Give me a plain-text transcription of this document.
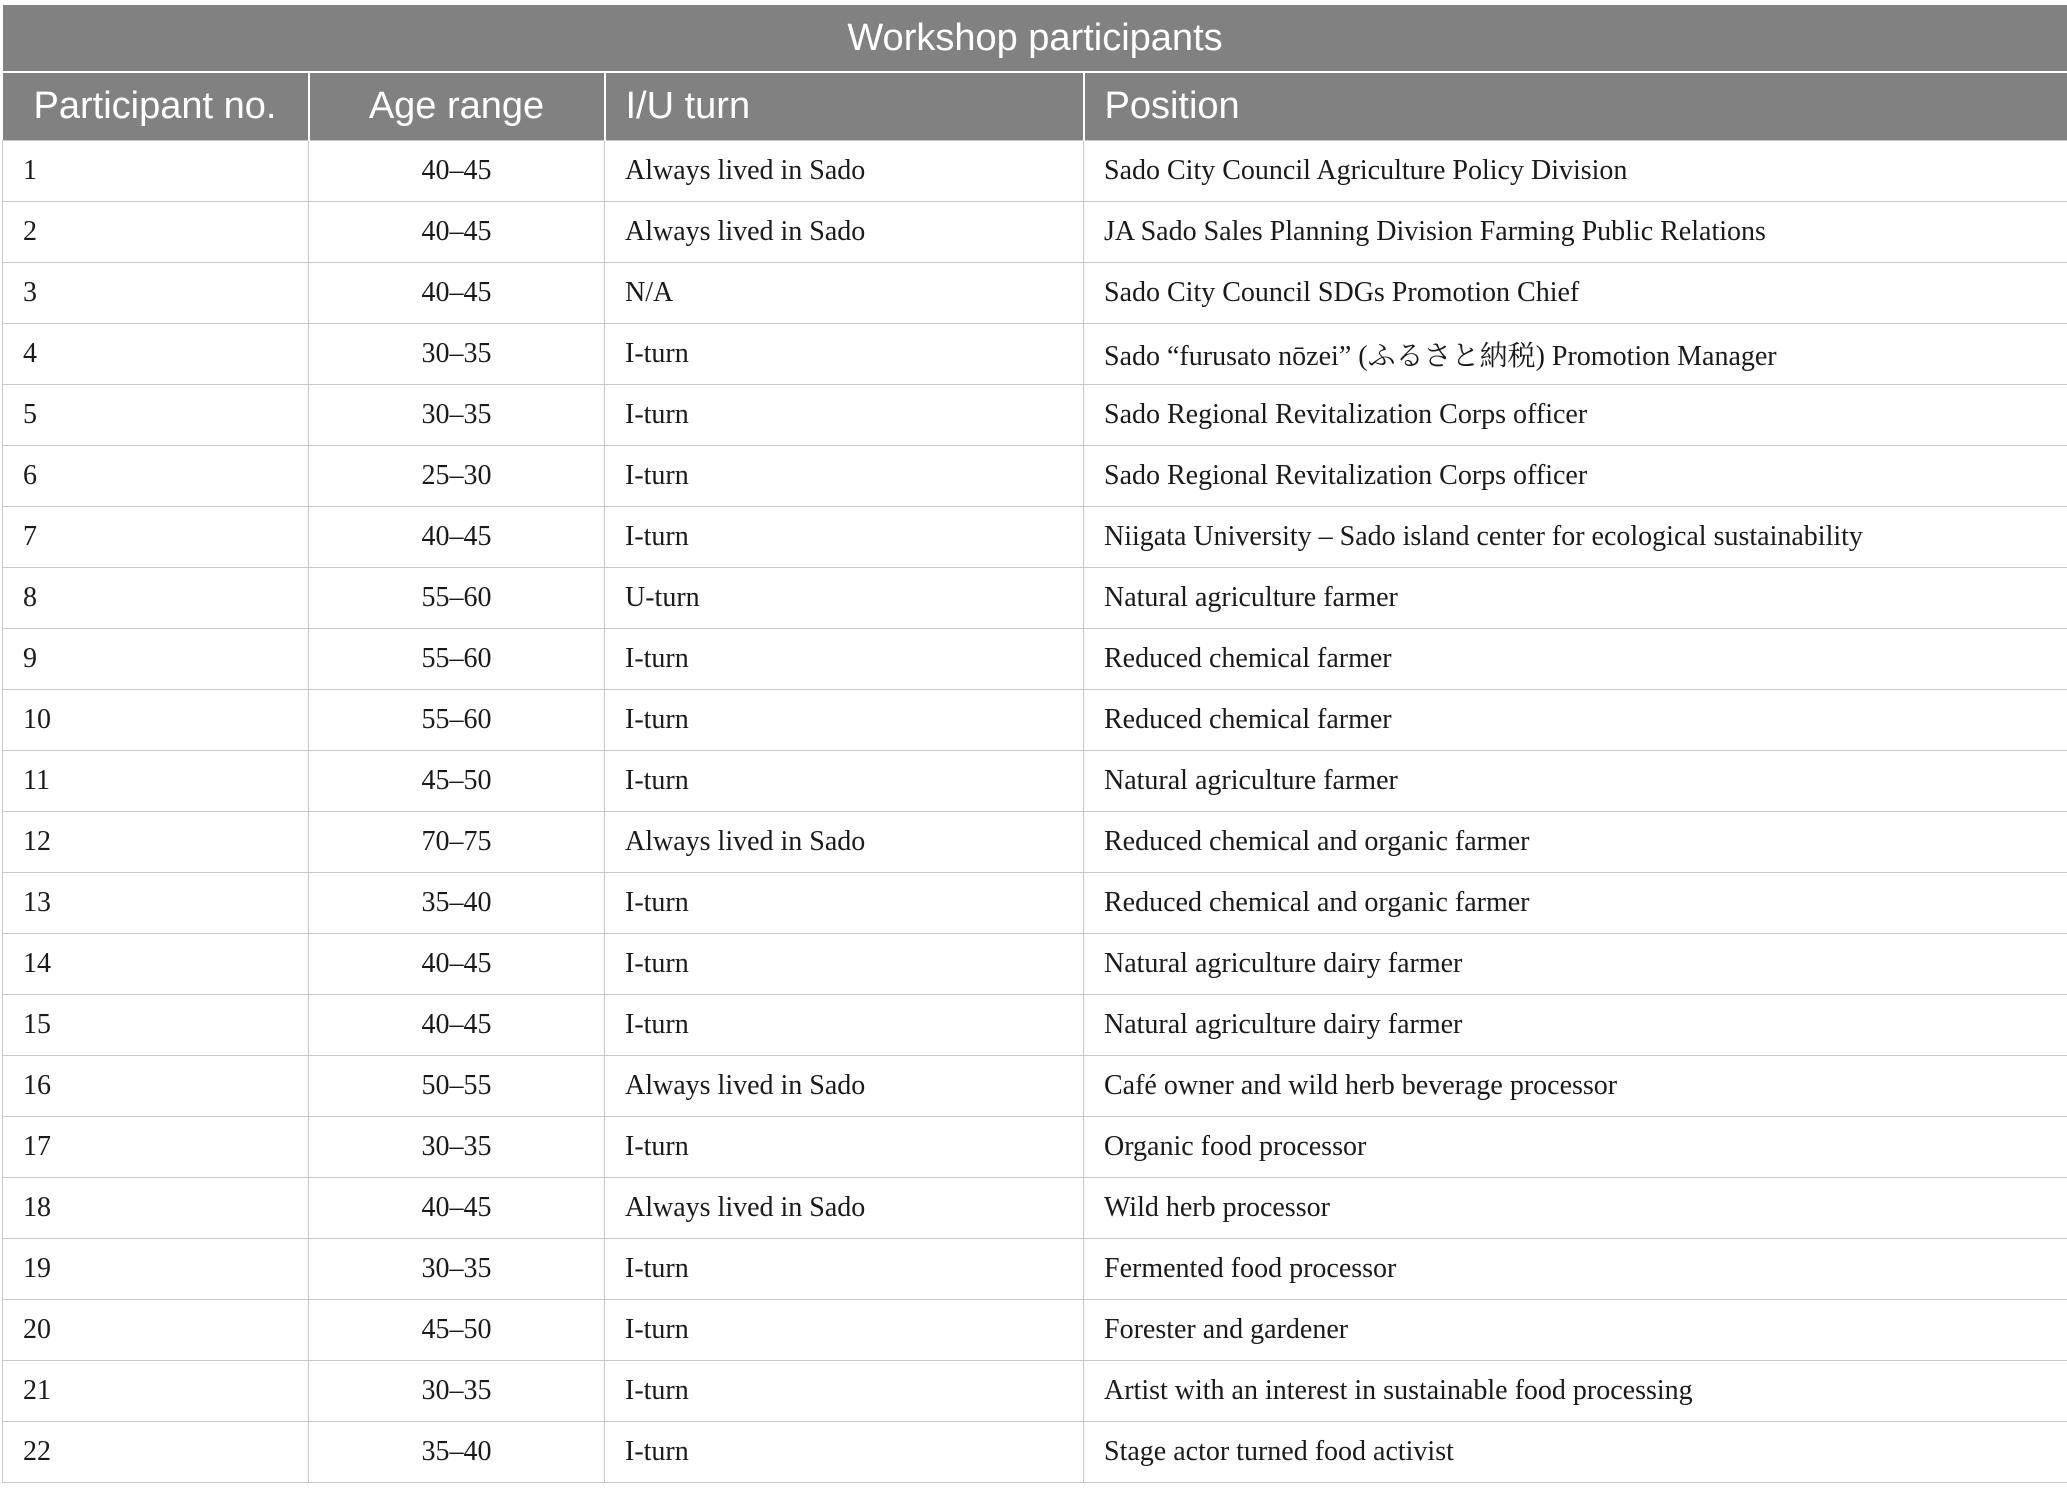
Workshop participants			
Participant no.	Age range	I/U turn	Position
1	40–45	Always lived in Sado	Sado City Council Agriculture Policy Division
2	40–45	Always lived in Sado	JA Sado Sales Planning Division Farming Public Relations
3	40–45	N/A	Sado City Council SDGs Promotion Chief
4	30–35	I-turn	Sado “furusato nōzei” (ふるさと納税) Promotion Manager
5	30–35	I-turn	Sado Regional Revitalization Corps officer
6	25–30	I-turn	Sado Regional Revitalization Corps officer
7	40–45	I-turn	Niigata University – Sado island center for ecological sustainability
8	55–60	U-turn	Natural agriculture farmer
9	55–60	I-turn	Reduced chemical farmer
10	55–60	I-turn	Reduced chemical farmer
11	45–50	I-turn	Natural agriculture farmer
12	70–75	Always lived in Sado	Reduced chemical and organic farmer
13	35–40	I-turn	Reduced chemical and organic farmer
14	40–45	I-turn	Natural agriculture dairy farmer
15	40–45	I-turn	Natural agriculture dairy farmer
16	50–55	Always lived in Sado	Café owner and wild herb beverage processor
17	30–35	I-turn	Organic food processor
18	40–45	Always lived in Sado	Wild herb processor
19	30–35	I-turn	Fermented food processor
20	45–50	I-turn	Forester and gardener
21	30–35	I-turn	Artist with an interest in sustainable food processing
22	35–40	I-turn	Stage actor turned food activist
